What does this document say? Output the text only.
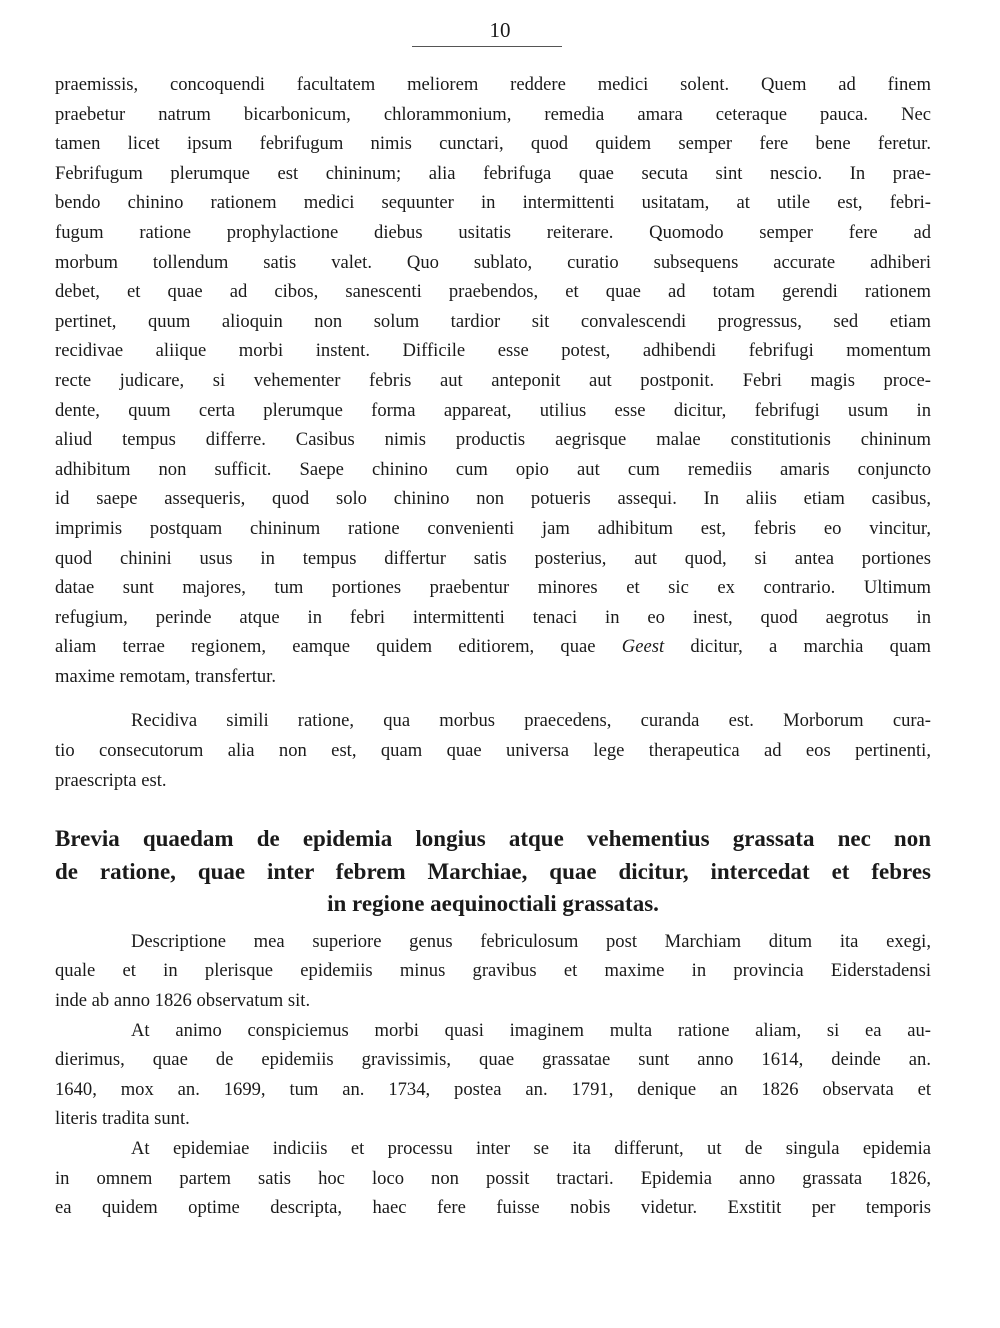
10
praemissis, concoquendi facultatem meliorem reddere medici solent. Quem ad finem
praebetur natrum bicarbonicum, chlorammonium, remedia amara ceteraque pauca. Nec
tamen licet ipsum febrifugum nimis cunctari, quod quidem semper fere bene feretur.
Febrifugum plerumque est chininum; alia febrifuga quae secuta sint nescio. In prae-
bendo chinino rationem medici sequunter in intermittenti usitatam, at utile est, febri-
fugum ratione prophylactione diebus usitatis reiterare. Quomodo semper fere ad
morbum tollendum satis valet. Quo sublato, curatio subsequens accurate adhiberi
debet, et quae ad cibos, sanescenti praebendos, et quae ad totam gerendi rationem
pertinet, quum alioquin non solum tardior sit convalescendi progressus, sed etiam
recidivae aliique morbi instent. Difficile esse potest, adhibendi febrifugi momentum
recte judicare, si vehementer febris aut anteponit aut postponit. Febri magis proce-
dente, quum certa plerumque forma appareat, utilius esse dicitur, febrifugi usum in
aliud tempus differre. Casibus nimis productis aegrisque malae constitutionis chininum
adhibitum non sufficit. Saepe chinino cum opio aut cum remediis amaris conjuncto
id saepe assequeris, quod solo chinino non potueris assequi. In aliis etiam casibus,
imprimis postquam chininum ratione convenienti jam adhibitum est, febris eo vincitur,
quod chinini usus in tempus differtur satis posterius, aut quod, si antea portiones
datae sunt majores, tum portiones praebentur minores et sic ex contrario. Ultimum
refugium, perinde atque in febri intermittenti tenaci in eo inest, quod aegrotus in
aliam terrae regionem, eamque quidem editiorem, quae Geest dicitur, a marchia quam
maxime remotam, transfertur.
Recidiva simili ratione, qua morbus praecedens, curanda est. Morborum cura-
tio consecutorum alia non est, quam quae universa lege therapeutica ad eos pertinenti,
praescripta est.
Brevia quaedam de epidemia longius atque vehementius grassata nec non
de ratione, quae inter febrem Marchiae, quae dicitur, intercedat et febres
in regione aequinoctiali grassatas.
Descriptione mea superiore genus febriculosum post Marchiam ditum ita exegi,
quale et in plerisque epidemiis minus gravibus et maxime in provincia Eiderstadensi
inde ab anno 1826 observatum sit.
At animo conspiciemus morbi quasi imaginem multa ratione aliam, si ea au-
dierimus, quae de epidemiis gravissimis, quae grassatae sunt anno 1614, deinde an.
1640, mox an. 1699, tum an. 1734, postea an. 1791, denique an 1826 observata et
literis tradita sunt.
At epidemiae indiciis et processu inter se ita differunt, ut de singula epidemia
in omnem partem satis hoc loco non possit tractari. Epidemia anno grassata 1826,
ea quidem optime descripta, haec fere fuisse nobis videtur. Exstitit per temporis
